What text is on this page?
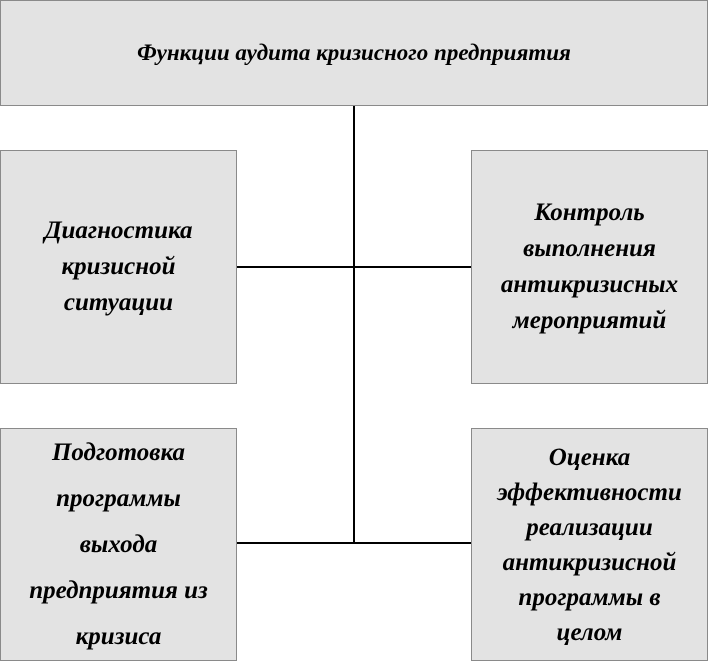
Функции аудита кризисного предприятия
Диагностика
кризисной
ситуации
Контроль
выполнения
антикризисных
мероприятий
Подготовка
программы
выхода
предприятия из
кризиса
Оценка
эффективности
реализации
антикризисной
программы в
целом
